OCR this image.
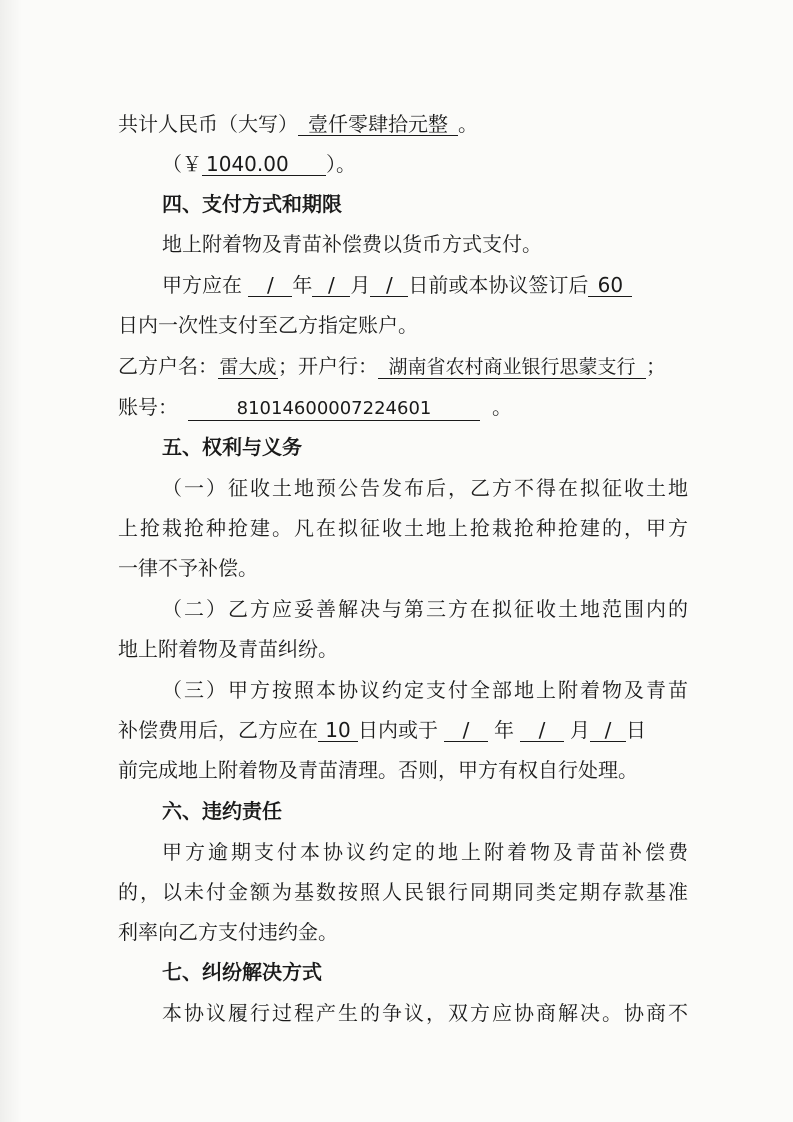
共计人民币（大写） 壹仟零肆拾元整 。
（￥ 1040.00 ）。
四、支付方式和期限
地上附着物及青苗补偿费以货币方式支付。
甲方应在 / 年 / 月 / 日前或本协议签订后 60
日内一次性支付至乙方指定账户。
乙方户名：雷大成；开户行： 湖南省农村商业银行思蒙支行 ；
账号：	81014600007224601	。
五、权利与义务
（一）征收土地预公告发布后，乙方不得在拟征收土地
上抢栽抢种抢建。凡在拟征收土地上抢栽抢种抢建的，甲方
一律不予补偿。
（二）乙方应妥善解决与第三方在拟征收土地范围内的
地上附着物及青苗纠纷。
（三）甲方按照本协议约定支付全部地上附着物及青苗
补偿费用后，乙方应在 10 日内或于 / 年 / 月 / 日
前完成地上附着物及青苗清理。否则，甲方有权自行处理。
六、违约责任
甲方逾期支付本协议约定的地上附着物及青苗补偿费
的，以未付金额为基数按照人民银行同期同类定期存款基准
利率向乙方支付违约金。
七、纠纷解决方式
本协议履行过程产生的争议，双方应协商解决。协商不
